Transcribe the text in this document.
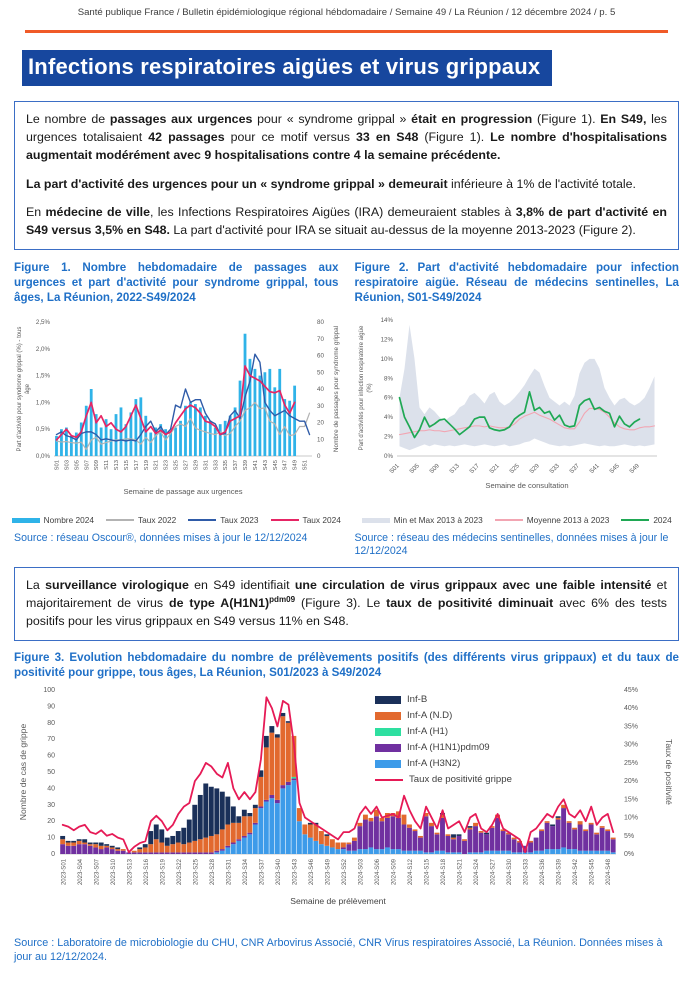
Santé publique France / Bulletin épidémiologique régional hébdomadaire / Semaine 49 / La Réunion / 12 décembre 2024 / p. 5
Infections respiratoires aigües et virus grippaux

Le nombre de passages aux urgences pour « syndrome grippal » était en progression (Figure 1). En S49, les urgences totalisaient 42 passages pour ce motif versus 33 en S48 (Figure 1). Le nombre d'hospitalisations augmentait modérément avec 9 hospitalisations contre 4 la semaine précédente.

La part d'activité des urgences pour un « syndrome grippal » demeurait inférieure à 1% de l'activité totale.

En médecine de ville, les Infections Respiratoires Aigües (IRA) demeuraient stables à 3,8% de part d'activité en S49 versus 3,5% en S48. La part d'activité pour IRA se situait au-dessus de la moyenne 2013-2023 (Figure 2).

Figure 1. Nombre hebdomadaire de passages aux urgences et part d'activité pour syndrome grippal, tous âges, La Réunion, 2022-S49/2024
0,0%
0,5%
1,0%
1,5%
2,0%
2,5%
0
10
20
30
40
50
60
70
80
S01 S03 S05 S07 S09 S11 S13 S15 S17 S19 S21 S23 S25 S27 S29 S31 S33 S35 S37 S39 S41 S43 S45 S47 S49 S51
Semaine de passage aux urgences
Part d'activité pour syndrome grippal (%) - tous âge	Nombre de passages pour syndrome grippal
Nombre 2024	Taux 2022	Taux 2023	Taux 2024
Source : réseau Oscour®, données mises à jour le 12/12/2024
Figure 2. Part d'activité hebdomadaire pour infection respiratoire aigüe. Réseau de médecins sentinelles, La Réunion, S01-S49/2024
0%
2%
4%
6%
8%
10%
12%
14%
S01 S05 S09 S13 S17 S21 S25 S29 S33 S37 S41 S45 S49
Semaine de consultation
Part d'activités pour infection respiratoire aigüe (%)
Min et Max 2013 à 2023	Moyenne 2013 à 2023	2024
Source : réseau des médecins sentinelles, données mises à jour le 12/12/2024

La surveillance virologique en S49 identifiait une circulation de virus grippaux avec une faible intensité et majoritairement de virus de type $A(H1N1)^{pdm09}$ (Figure 3). Le taux de positivité diminuait avec 6% des tests positifs pour les virus grippaux en S49 versus 11% en S48.

Figure 3. Evolution hebdomadaire du nombre de prélèvements positifs (des différents virus grippaux) et du taux de positivité pour grippe, tous âges, La Réunion, S01/2023 à S49/2024
0
10
20
30
40
50
60
70
80
90
100
0%
5%
10%
15%
20%
25%
30%
35%
40%
45%
2023-S01 2023-S04 2023-S07 2023-S10 2023-S13 2023-S16 2023-S19 2023-S22 2023-S25 2023-S28 2023-S31 2023-S34 2023-S37 2023-S40 2023-S43 2023-S46 2023-S49 2023-S52 2024-S03 2024-S06 2024-S09 2024-S12 2024-S15 2024-S18 2024-S21 2024-S24 2024-S27 2024-S30 2024-S33 2024-S36 2024-S39 2024-S42 2024-S45 2024-S48
Semaine de prélèvement
Nombre de cas de grippe	Taux de positivité
Inf-B
Inf-A (N.D)
Inf-A (H1)
Inf-A (H1N1)pdm09
Inf-A (H3N2)
Taux de positivité grippe
Source : Laboratoire de microbiologie du CHU, CNR Arbovirus Associé, CNR Virus respiratoires Associé, La Réunion. Données mises à jour au 12/12/2024.
